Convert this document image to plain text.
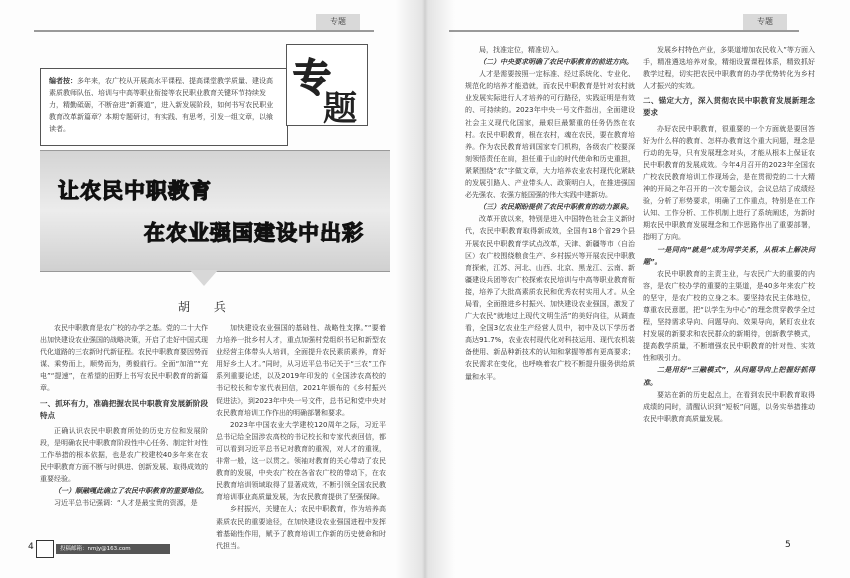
专题
编者按：多年来，农广校从开展高水平课程、提高课堂教学质量、建设高素质教师队伍、培训与中高等职业衔接等农民职业教育关键环节持续发力，精勤砥砺，不断奋进“新赛道”，进入新发展阶段，如何书写农民职业教育改革新篇章？本期专题研讨，有实践、有思考，引发一组文章，以飨读者。
专
题
让农民中职教育
在农业强国建设中出彩
胡 兵

农民中职教育是农广校的办学之基。党的二十大作出加快建设农业强国的战略决策，开启了走好中国式现代化道路的三农新时代新征程。农民中职教育要因势而谋、乘势而上，顺势而为，勇毅前行。全面“加油”“充电”“提速”，在希望的田野上书写农民中职教育的新篇章。

一、抓环有力，准确把握农民中职教育发展新阶段特点

正确认识农民中职教育所处的历史方位和发展阶段，是明确农民中职教育阶段性中心任务、制定针对性工作举措的根本依据，也是农广校建校40多年来在农民中职教育方面不断与时俱进、创新发展、取得成效的重要经验。

（一）顺融嘎此确立了农民中职教育的重要地位。

习近平总书记强调：“人才是最宝贵的资源，是

加快建设农业强国的基础性、战略性支撑。”“要着力培养一批乡村人才，重点加强村党组织书记和新型农业经营主体带头人培训，全面提升农民素质素养，育好用好乡土人才。”同时，从习近平总书记关于“三农”工作系列重要论述，以及2019年印发的《全国涉农高校的书记校长和专家代表回信，2021年颁布的《乡村振兴促进法》，到2023年中央一号文件，总书记和党中央对农民教育培训工作作出的明确部署和要求。

2023年中国农业大学建校120周年之际，习近平总书记给全国涉农高校的书记校长和专家代表回信，都可以看到习近平总书记对教育的重视，对人才的重视，非常一般，这一以贯之。领袖对教育的关心带动了农民教育的发展，中央农广校在各省农广校的带动下，在农民教育培训领域取得了显著成效，不断引领全国农民教育培训事业高质量发展，为农民教育提供了坚强保障。

乡村振兴，关键在人；农民中职教育，作为培养高素质农民的重要途径，在加快建设农业强国进程中发挥着基础性作用，赋予了教育培训工作新的历史使命和时代担当。

4	投稿邮箱：nmjy@163.com
专题

局，找准定位，精准切入。

（二）中央要求明确了农民中职教育的前进方向。

人才是需要按照一定标准、经过系统化、专业化、规范化的培养才能造就，而农民中职教育是针对农村就业发展实际进行人才培养的可行路径，实践证明是有效的、可持续的。2023年中央一号文件指出，全面建设社会主义现代化国家，最艰巨最繁重的任务仍然在农村。农民中职教育，根在农村，魂在农民，要在教育培养。作为农民教育培训国家专门机构，各级农广校要深刻领悟责任在肩，担任重于山的时代使命和历史重担，紧紧围绕“农”字做文章，大力培养农业农村现代化紧缺的发展引路人、产业带头人、政策明白人，在推进强国必先强农、农强方能国强的伟大实践中建新功。

（三）农民期盼提供了农民中职教育的动力源泉。

改革开放以来，特别是进入中国特色社会主义新时代，农民中职教育取得新成效，全国有18个省29个县开展农民中职教育学试点改革，天津、新疆等市（自治区）农广校围绕粮食生产、乡村振兴等开展农民中职教育探索，江苏、河北、山西、北京、黑龙江、云南、新疆建设兵团等农广校探索农民培训与中高等职业教育衔接，培养了大批高素质农民和优秀农村实用人才。从全局看，全面推进乡村振兴、加快建设农业强国，激发了广大农民“就地过上现代文明生活”的美好向往，从调查看，全国3亿农业生产经营人员中，初中及以下学历者高达91.7%，农业农村现代化对科技运用、现代农机装备使用、新品种新技术的认知和掌握等都有更高要求；农民需求在变化，也呼唤着农广校不断提升服务供给质量和水平。

发展乡村特色产业，多渠道增加农民收入”等方面入手，精准遴选培养对象，精细设置课程体系，精致抓好教学过程，切实把农民中职教育的办学优势转化为乡村人才振兴的实效。

二、锚定大方，深入贯彻农民中职教育发展新理念要求

办好农民中职教育，很重要的一个方面就是要回答好为什么样的教育、怎样办教育这个重大问题，理念是行动的先导，只有发展理念对头，才能从根本上保证农民中职教育的发展成效。今年4月召开的2023年全国农广校农民教育培训工作现场会，是在贯彻党的二十大精神的开局之年召开的一次专题会议，会议总结了成绩经验，分析了形势要求，明确了工作重点，特别是在工作认知、工作分析、工作机制上进行了系统阐述，为新时期农民中职教育发展理念和工作思路作出了重要部署，指明了方向。

一是同向“就是“成为同学关系，从根本上解决问题”。

农民中职教育的主责主业，与农民广大的重要的内容，是农广校办学的重要的主渠道，是40多年来农广校的坚守，是农广校的立身之本。要坚持农民主体地位，尊重农民意愿，把“以学生为中心”的理念贯穿教学全过程，坚持需求导向、问题导向、效果导向，紧盯农业农村发展的新要求和农民群众的新期待，创新教学模式，提高教学质量，不断增强农民中职教育的针对性、实效性和吸引力。

二是用好“三融模式”，从问题导向上把握好抓得准。

要站在新的历史起点上，在看到农民中职教育取得成绩的同时，清醒认识到“短板”问题，以务实举措推动农民中职教育高质量发展。

5
